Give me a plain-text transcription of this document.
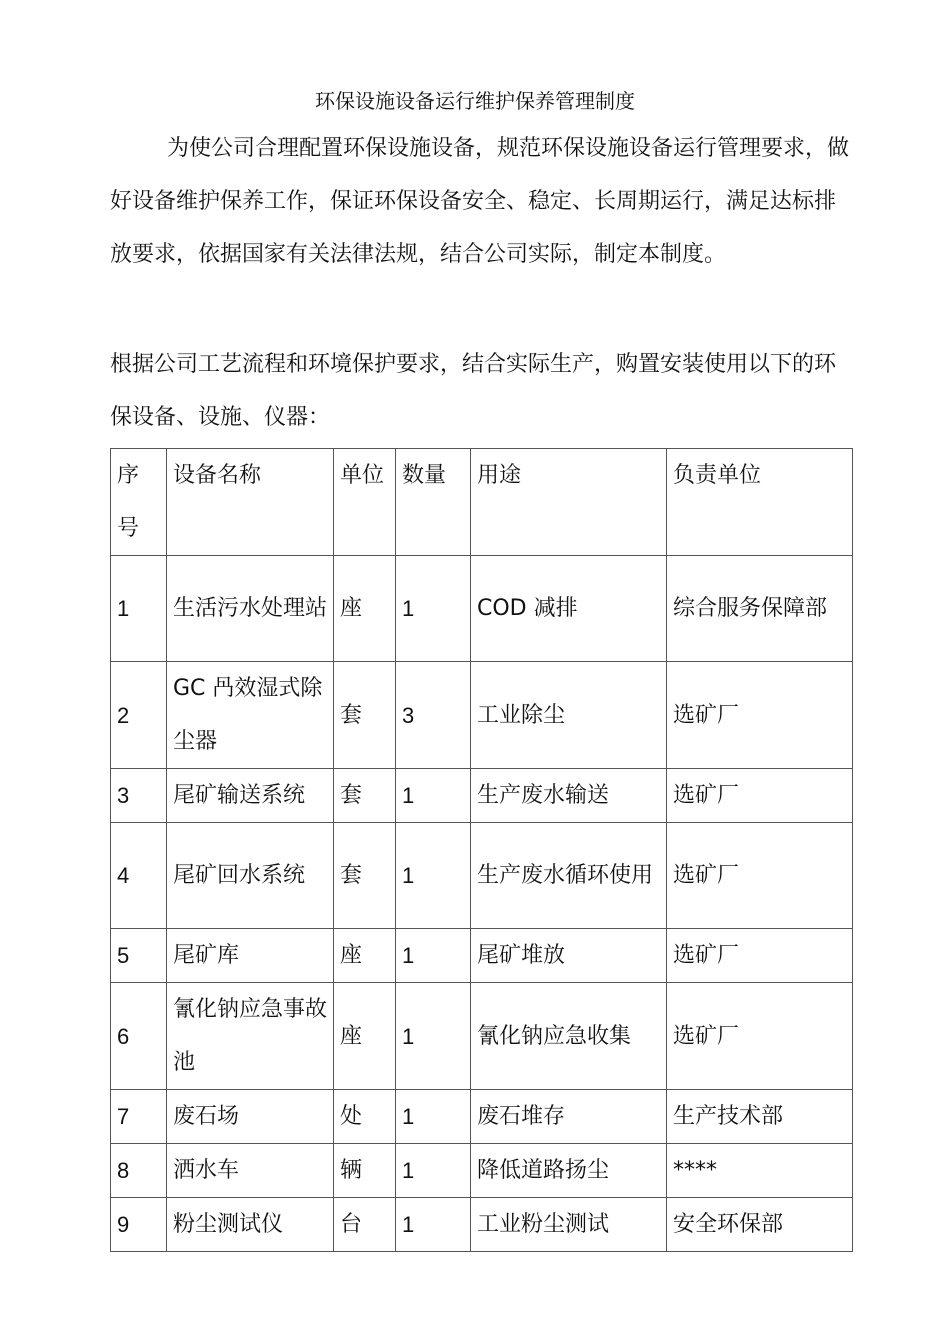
环保设施设备运行维护保养管理制度

为使公司合理配置环保设施设备，规范环保设施设备运行管理要求，做好设备维护保养工作，保证环保设备安全、稳定、长周期运行，满足达标排放要求，依据国家有关法律法规，结合公司实际，制定本制度。

根据公司工艺流程和环境保护要求，结合实际生产，购置安装使用以下的环保设备、设施、仪器：

序号	设备名称	单位	数量	用途	负责单位
1	生活污水处理站	座	1	COD 减排	综合服务保障部
2	GC 冎效湿式除尘器	套	3	工业除尘	选矿厂
3	尾矿输送系统	套	1	生产废水输送	选矿厂
4	尾矿回水系统	套	1	生产废水循环使用	选矿厂
5	尾矿库	座	1	尾矿堆放	选矿厂
6	氰化钠应急事故池	座	1	氰化钠应急收集	选矿厂
7	废石场	处	1	废石堆存	生产技术部
8	洒水车	辆	1	降低道路扬尘	****
9	粉尘测试仪	台	1	工业粉尘测试	安全环保部
